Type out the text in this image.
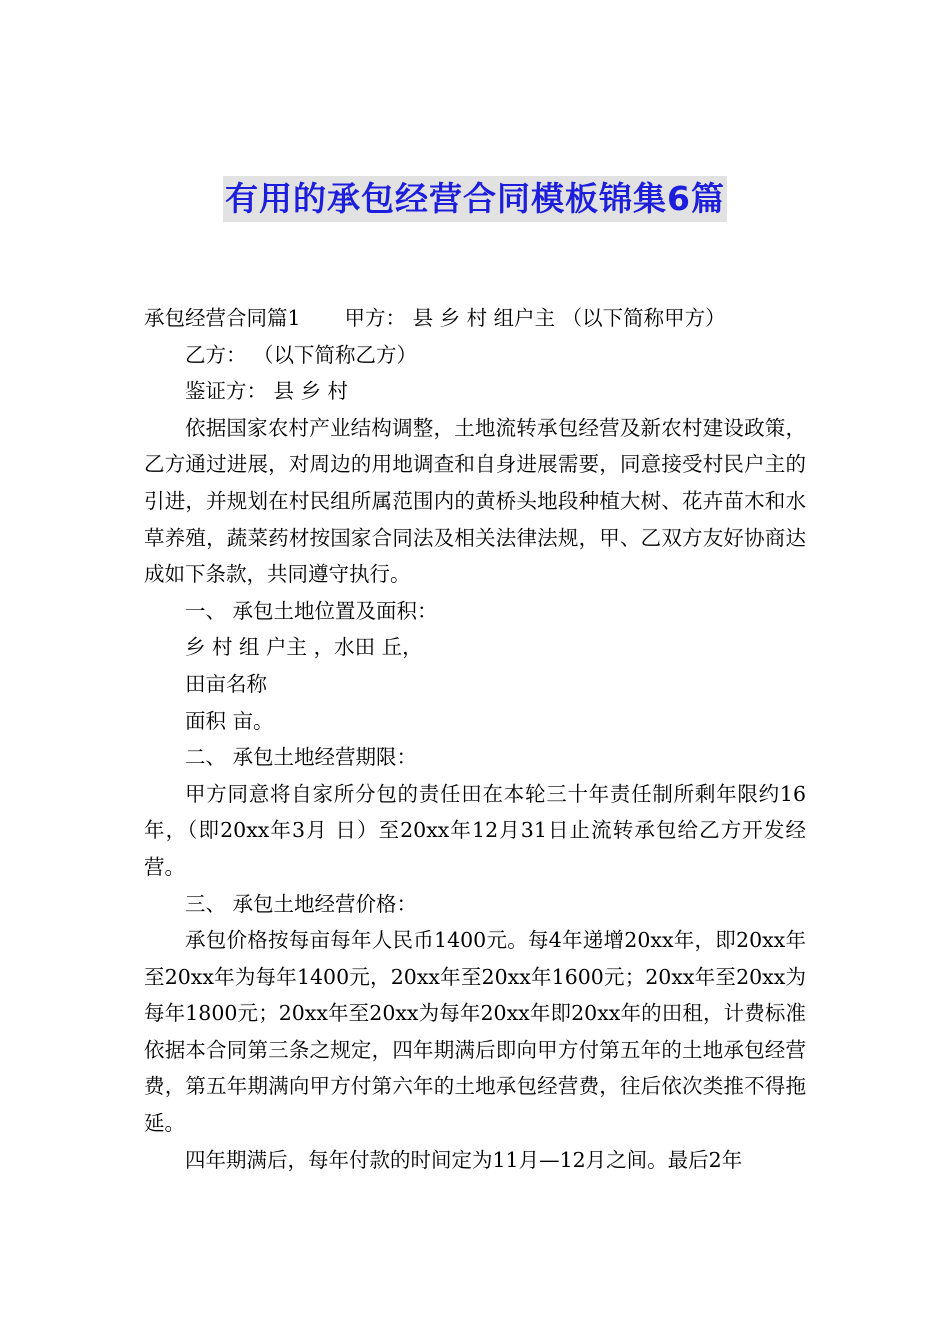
有用的承包经营合同模板锦集6篇

承包经营合同篇1 甲方： 县 乡 村 组户主 （以下简称甲方）

乙方： （以下简称乙方）

鉴证方： 县 乡 村

依据国家农村产业结构调整，土地流转承包经营及新农村建设政策，乙方通过进展，对周边的用地调查和自身进展需要，同意接受村民户主的引进，并规划在村民组所属范围内的黄桥头地段种植大树、花卉苗木和水草养殖，蔬菜药材按国家合同法及相关法律法规，甲、乙双方友好协商达成如下条款，共同遵守执行。

一、 承包土地位置及面积：

乡 村 组 户主 ，水田 丘，

田亩名称

面积 亩。

二、 承包土地经营期限：

甲方同意将自家所分包的责任田在本轮三十年责任制所剩年限约16年，（即20xx年3月 日）至20xx年12月31日止流转承包给乙方开发经营。

三、 承包土地经营价格：

承包价格按每亩每年人民币1400元。每4年递增20xx年，即20xx年至20xx年为每年1400元，20xx年至20xx年1600元；20xx年至20xx为每年1800元；20xx年至20xx为每年20xx年即20xx年的田租，计费标准依据本合同第三条之规定，四年期满后即向甲方付第五年的土地承包经营费，第五年期满向甲方付第六年的土地承包经营费，往后依次类推不得拖延。

四年期满后，每年付款的时间定为11月—12月之间。最后2年
